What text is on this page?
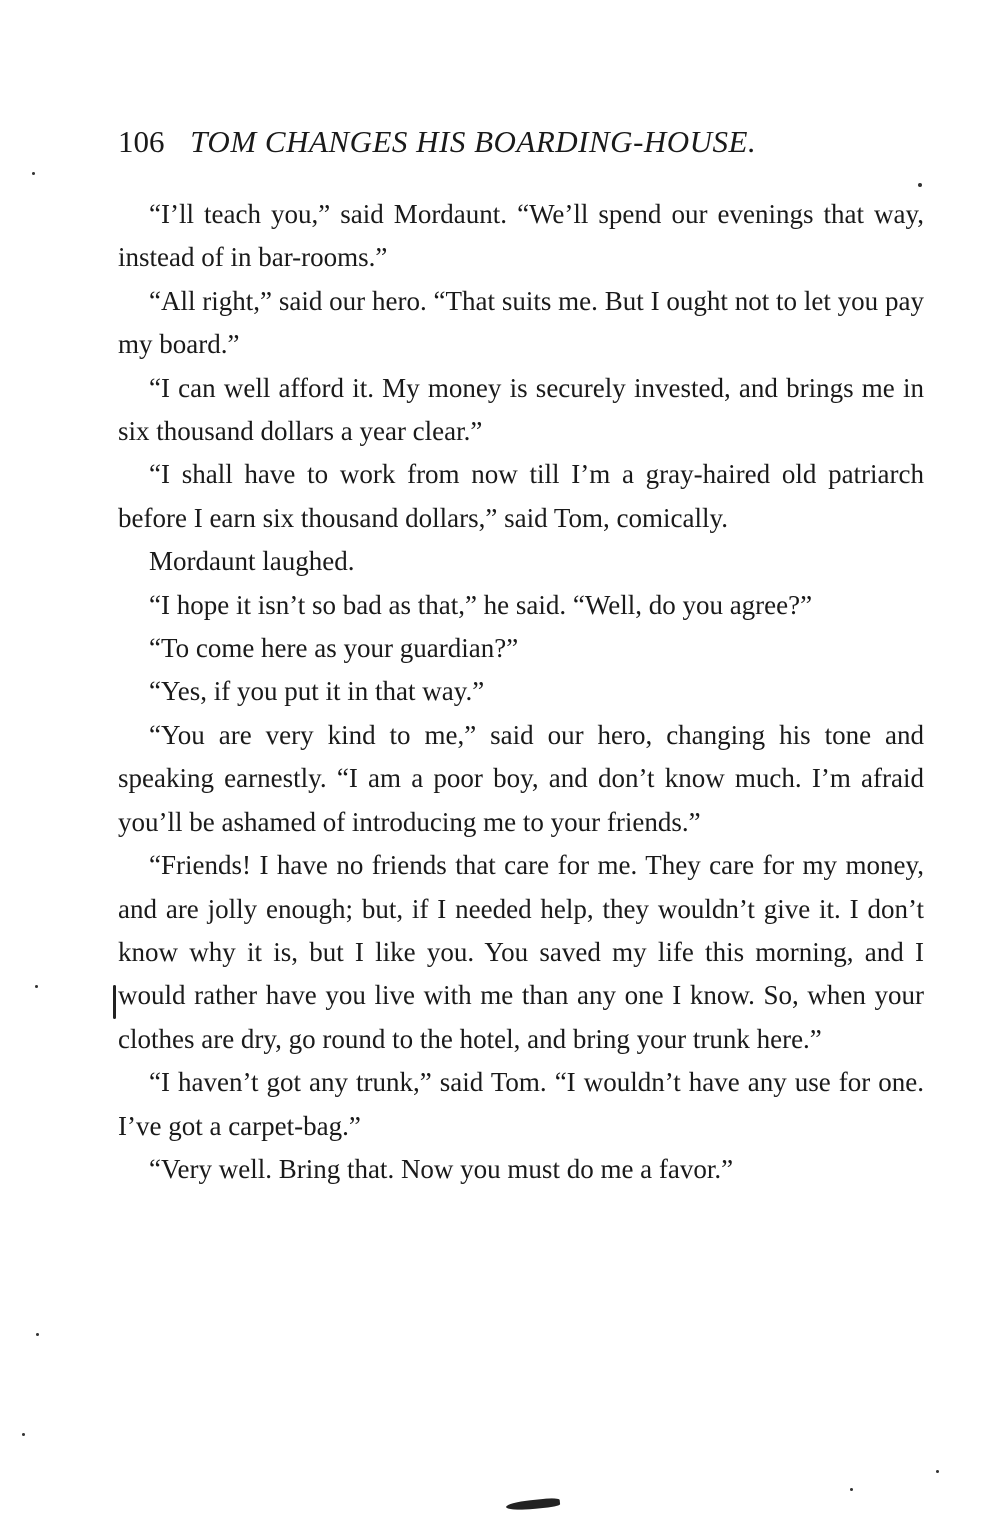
106 TOM CHANGES HIS BOARDING-HOUSE.

“I’ll teach you,” said Mordaunt. “We’ll spend our evenings that way, instead of in bar-rooms.”

“All right,” said our hero. “That suits me. But I ought not to let you pay my board.”

“I can well afford it. My money is securely invested, and brings me in six thousand dollars a year clear.”

“I shall have to work from now till I’m a gray-haired old patriarch before I earn six thousand dollars,” said Tom, comically.

Mordaunt laughed.

“I hope it isn’t so bad as that,” he said. “Well, do you agree?”

“To come here as your guardian?”

“Yes, if you put it in that way.”

“You are very kind to me,” said our hero, changing his tone and speaking earnestly. “I am a poor boy, and don’t know much. I’m afraid you’ll be ashamed of introducing me to your friends.”

“Friends! I have no friends that care for me. They care for my money, and are jolly enough; but, if I needed help, they wouldn’t give it. I don’t know why it is, but I like you. You saved my life this morning, and I would rather have you live with me than any one I know. So, when your clothes are dry, go round to the hotel, and bring your trunk here.”

“I haven’t got any trunk,” said Tom. “I wouldn’t have any use for one. I’ve got a carpet-bag.”

“Very well. Bring that. Now you must do me a favor.”
